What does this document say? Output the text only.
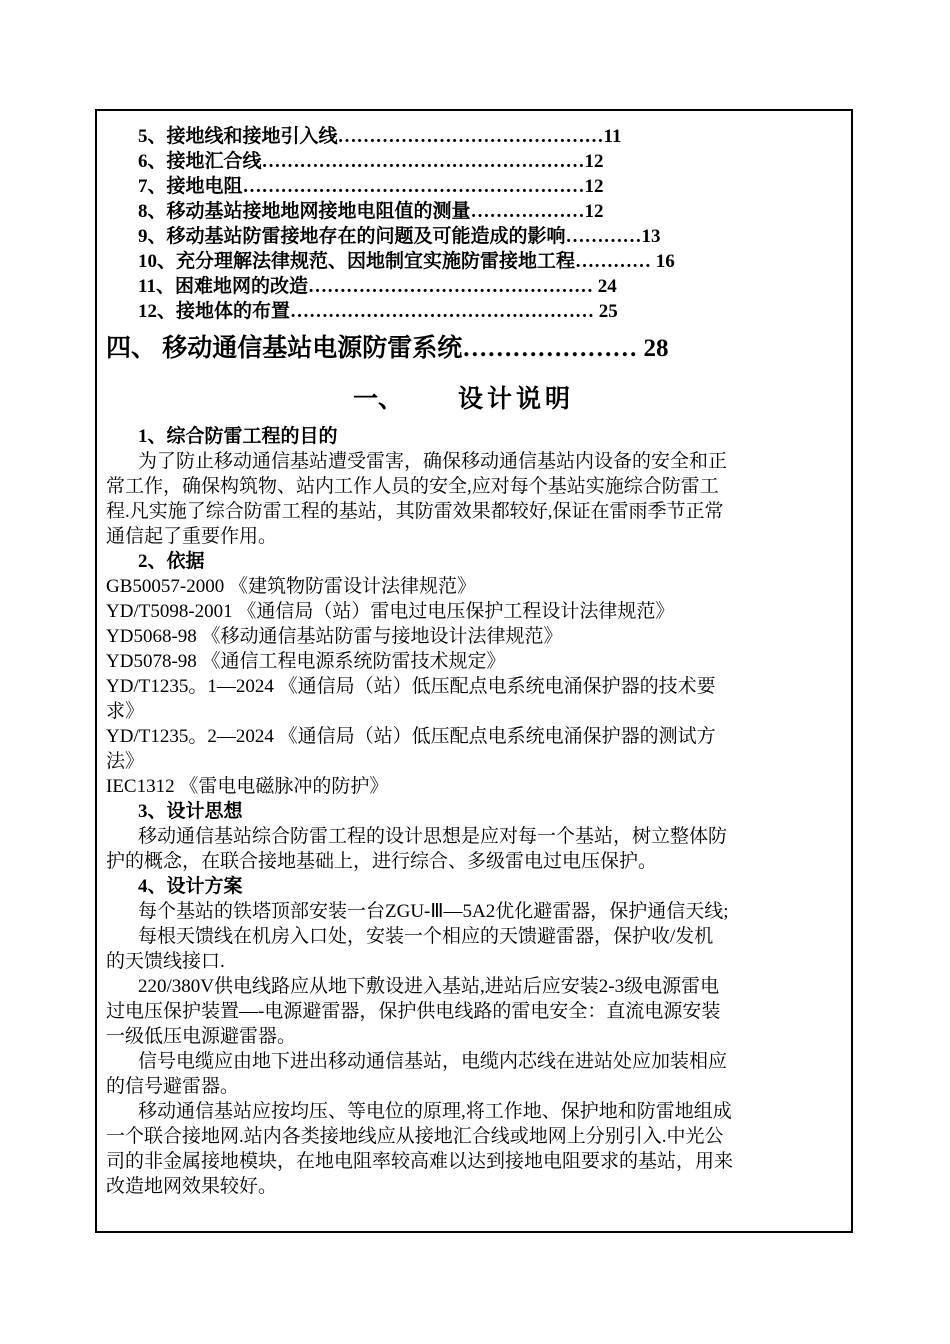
5、接地线和接地引入线……………………………………11
6、接地汇合线……………………………………………12
7、接地电阻………………………………………………12
8、移动基站接地地网接地电阻值的测量………………12
9、移动基站防雷接地存在的问题及可能造成的影响…………13
10、充分理解法律规范、因地制宜实施防雷接地工程………… 16
11、困难地网的改造……………………………………… 24
12、接地体的布置………………………………………… 25
四、 移动通信基站电源防雷系统………………… 28
一、 设计说明
1、综合防雷工程的目的
为了防止移动通信基站遭受雷害，确保移动通信基站内设备的安全和正
常工作，确保构筑物、站内工作人员的安全,应对每个基站实施综合防雷工
程.凡实施了综合防雷工程的基站，其防雷效果都较好,保证在雷雨季节正常
通信起了重要作用。
2、依据
GB50057-2000 《建筑物防雷设计法律规范》
YD/T5098-2001 《通信局（站）雷电过电压保护工程设计法律规范》
YD5068-98 《移动通信基站防雷与接地设计法律规范》
YD5078-98 《通信工程电源系统防雷技术规定》
YD/T1235。1—2024 《通信局（站）低压配点电系统电涌保护器的技术要
求》
YD/T1235。2—2024 《通信局（站）低压配点电系统电涌保护器的测试方
法》
IEC1312 《雷电电磁脉冲的防护》
3、设计思想
移动通信基站综合防雷工程的设计思想是应对每一个基站，树立整体防
护的概念，在联合接地基础上，进行综合、多级雷电过电压保护。
4、设计方案
每个基站的铁塔顶部安装一台ZGU-Ⅲ—5A2优化避雷器，保护通信天线;
每根天馈线在机房入口处，安装一个相应的天馈避雷器，保护收/发机
的天馈线接口.
220/380V供电线路应从地下敷设进入基站,进站后应安装2-3级电源雷电
过电压保护装置—-电源避雷器，保护供电线路的雷电安全：直流电源安装
一级低压电源避雷器。
信号电缆应由地下进出移动通信基站，电缆内芯线在进站处应加装相应
的信号避雷器。
移动通信基站应按均压、等电位的原理,将工作地、保护地和防雷地组成
一个联合接地网.站内各类接地线应从接地汇合线或地网上分别引入.中光公
司的非金属接地模块，在地电阻率较高难以达到接地电阻要求的基站，用来
改造地网效果较好。
